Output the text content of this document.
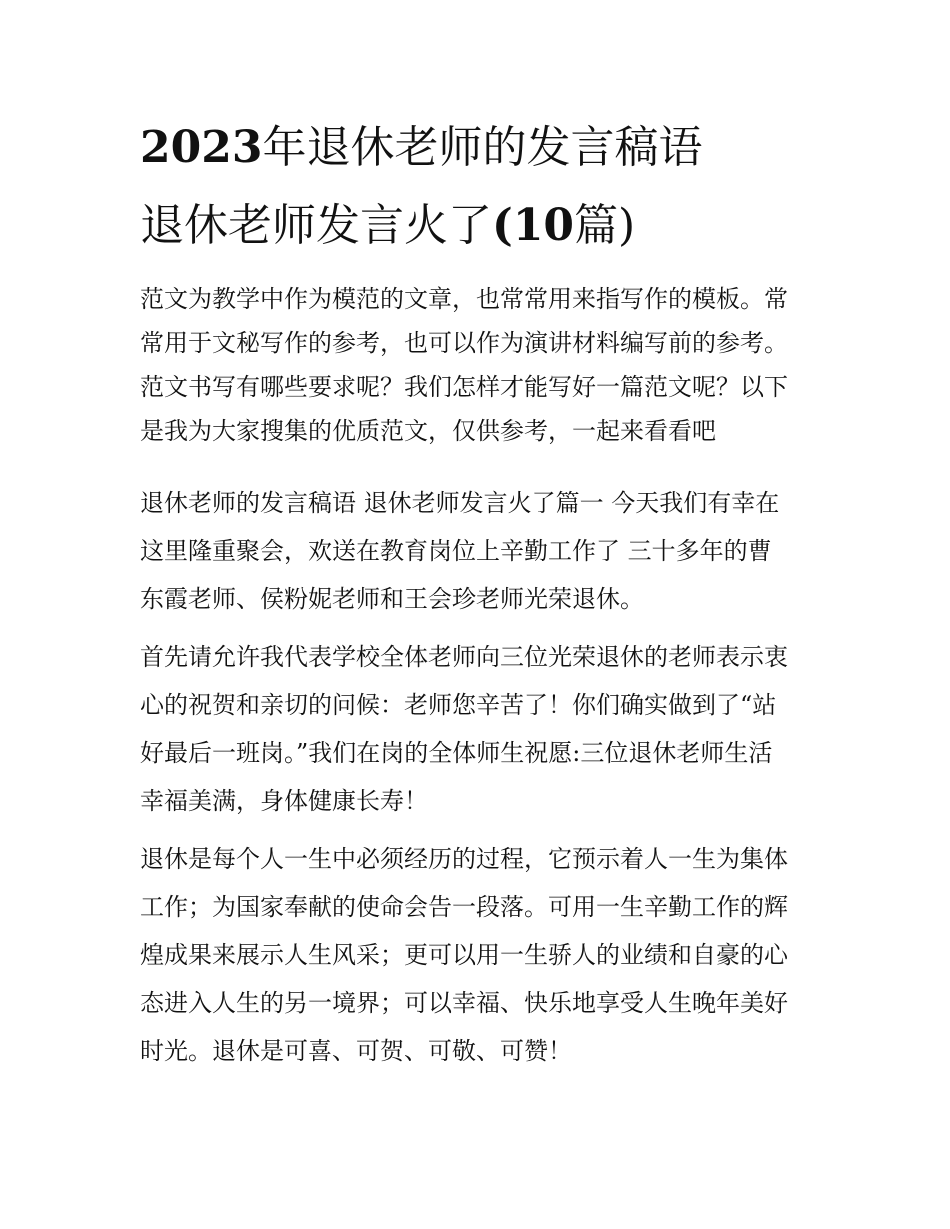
2023年退休老师的发言稿语
退休老师发言火了(10篇)

范文为教学中作为模范的文章，也常常用来指写作的模板。常

常用于文秘写作的参考，也可以作为演讲材料编写前的参考。

范文书写有哪些要求呢？我们怎样才能写好一篇范文呢？以下

是我为大家搜集的优质范文，仅供参考，一起来看看吧

退休老师的发言稿语 退休老师发言火了篇一 今天我们有幸在

这里隆重聚会，欢送在教育岗位上辛勤工作了 三十多年的曹

东霞老师、侯粉妮老师和王会珍老师光荣退休。

首先请允许我代表学校全体老师向三位光荣退休的老师表示衷

心的祝贺和亲切的问候：老师您辛苦了！你们确实做到了“站

好最后一班岗。”我们在岗的全体师生祝愿:三位退休老师生活

幸福美满，身体健康长寿！

退休是每个人一生中必须经历的过程，它预示着人一生为集体

工作；为国家奉献的使命会告一段落。可用一生辛勤工作的辉

煌成果来展示人生风采；更可以用一生骄人的业绩和自豪的心

态进入人生的另一境界；可以幸福、快乐地享受人生晚年美好

时光。退休是可喜、可贺、可敬、可赞！
